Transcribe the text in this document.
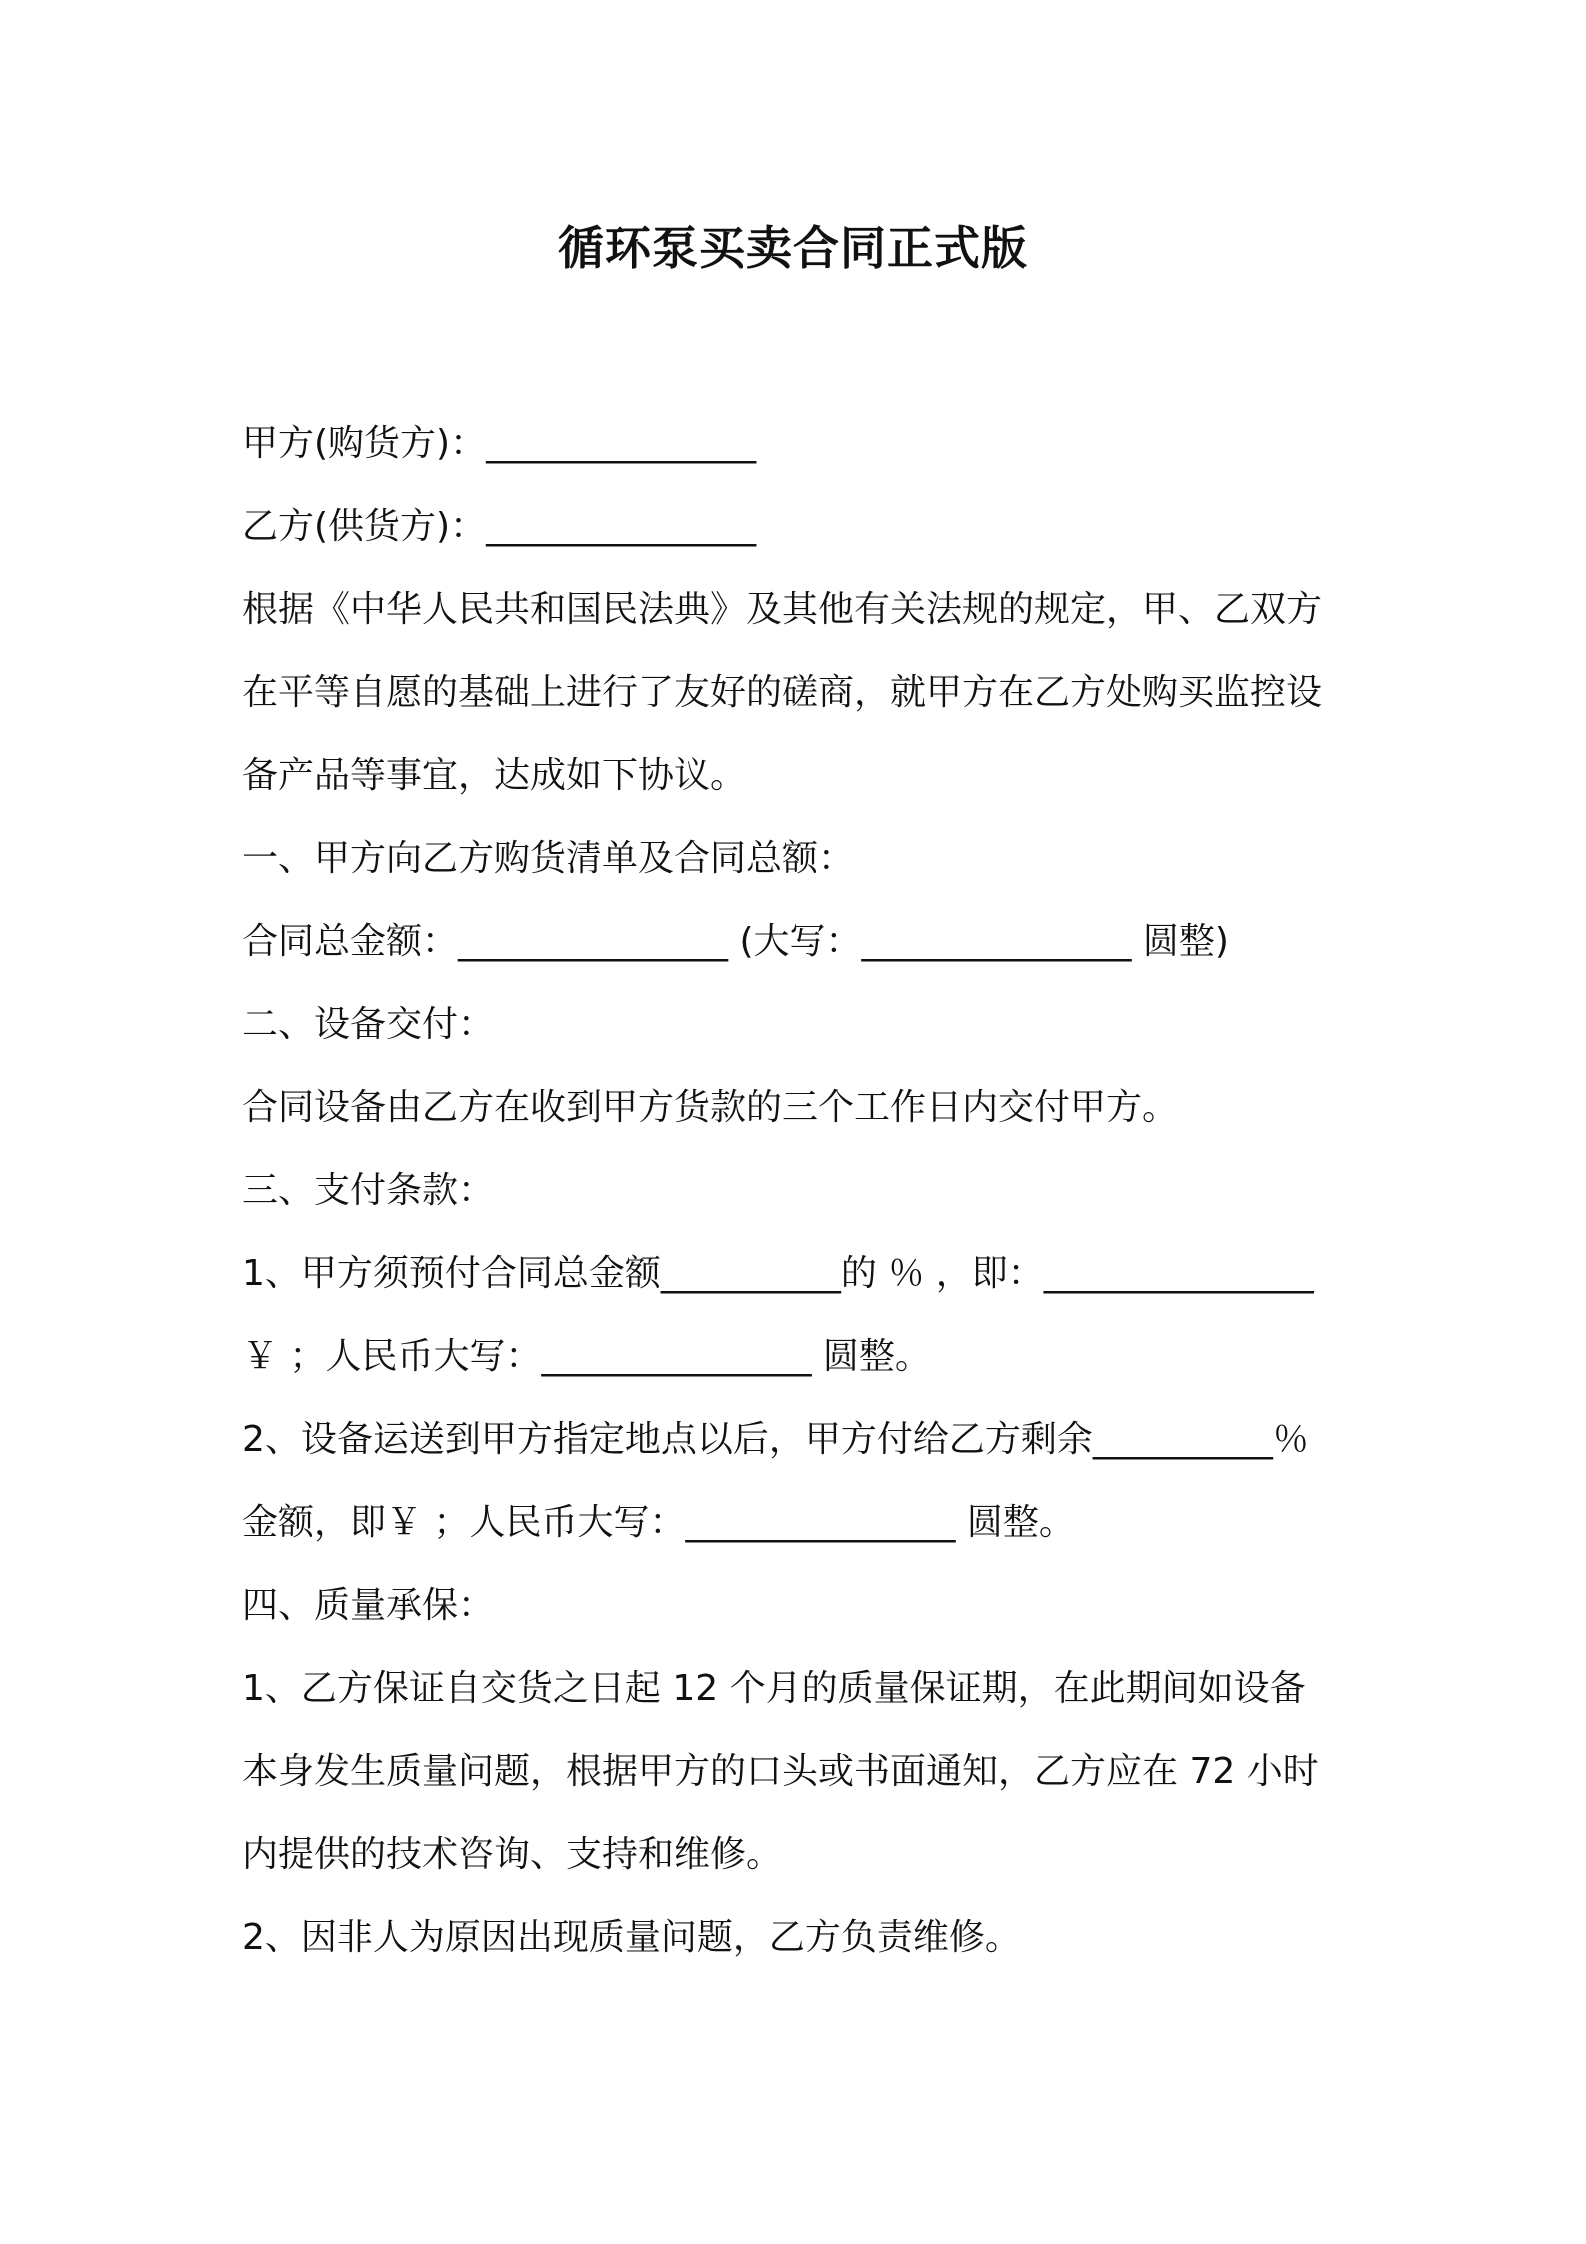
循环泵买卖合同正式版
甲方(购货方)：_______________
乙方(供货方)：_______________
根据《中华人民共和国民法典》及其他有关法规的规定，甲、乙双方
在平等自愿的基础上进行了友好的磋商，就甲方在乙方处购买监控设
备产品等事宜，达成如下协议。
一、甲方向乙方购货清单及合同总额：
合同总金额：_______________ (大写：_______________ 圆整)
二、设备交付：
合同设备由乙方在收到甲方货款的三个工作日内交付甲方。
三、支付条款：
1、甲方须预付合同总金额__________的 ％ ，即：_______________
￥ ；人民币大写：_______________ 圆整。
2、设备运送到甲方指定地点以后，甲方付给乙方剩余__________％
金额，即￥ ；人民币大写：_______________ 圆整。
四、质量承保：
1、乙方保证自交货之日起 12 个月的质量保证期，在此期间如设备
本身发生质量问题，根据甲方的口头或书面通知，乙方应在 72 小时
内提供的技术咨询、支持和维修。
2、因非人为原因出现质量问题，乙方负责维修。
